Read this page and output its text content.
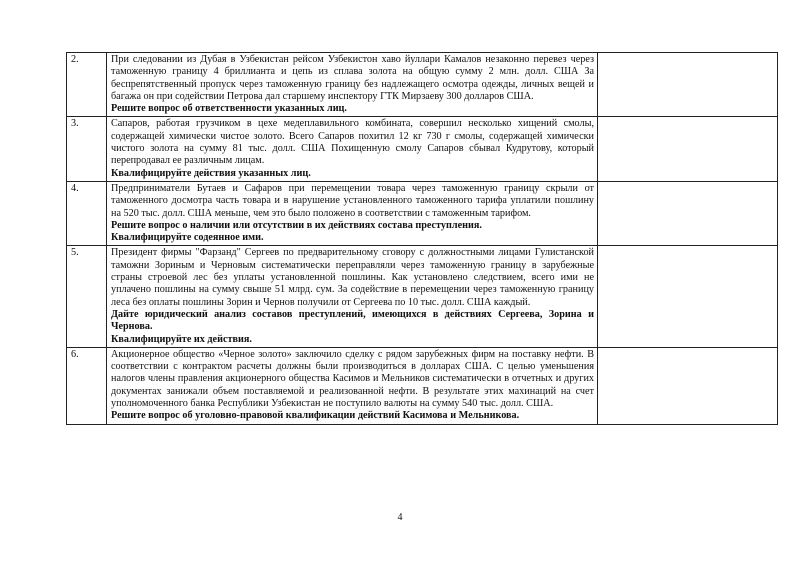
2.	При следовании из Дубая в Узбекистан рейсом Узбекистон хаво йуллари Камалов незаконно перевез через таможенную границу 4 бриллианта и цепь из сплава золота на общую сумму 2 млн. долл. США За беспрепятственный пропуск через таможенную границу без надлежащего осмотра одежды, личных вещей и багажа он при содействии Петрова дал старшему инспектору ГТК Мирзаеву 300 долларов США.
Решите вопрос об ответственности указанных лиц.	

3.	Сапаров, работая грузчиком в цехе медеплавильного комбината, совершил несколько хищений смолы, содержащей химически чистое золото. Всего Сапаров похитил 12 кг 730 г смолы, содержащей химически чистого золота на сумму 81 тыс. долл. США Похищенную смолу Сапаров сбывал Кудрутову, который перепродавал ее различным лицам.
Квалифицируйте действия указанных лиц.	

4.	Предприниматели Бутаев и Сафаров при перемещении товара через таможенную границу скрыли от таможенного досмотра часть товара и в нарушение установленного таможенного тарифа уплатили пошлину на 520 тыс. долл. США меньше, чем это было положено в соответствии с таможенным тарифом.
Решите вопрос о наличии или отсутствии в их действиях состава преступления.
Квалифицируйте содеянное ими.	

5.	Президент фирмы "Фарзанд" Сергеев по предварительному сговору с должностными лицами Гулистанской таможни Зориным и Черновым систематически переправляли через таможенную границу в зарубежные страны строевой лес без уплаты установленной пошлины. Как установлено следствием, всего ими не уплачено пошлины на сумму свыше 51 млрд. сум. За содействие в перемещении через таможенную границу леса без оплаты пошлины Зорин и Чернов получили от Сергеева по 10 тыс. долл. США каждый.
Дайте юридический анализ составов преступлений, имеющихся в действиях Сергеева, Зорина и Чернова.
Квалифицируйте их действия.	

6.	Акционерное общество «Черное золото» заключило сделку с рядом зарубежных фирм на поставку нефти. В соответствии с контрактом расчеты должны были производиться в долларах США. С целью уменьшения налогов члены правления акционерного общества Касимов и Мельников систематически в отчетных и других документах занижали объем поставляемой и реализованной нефти. В результате этих махинаций на счет уполномоченного банка Республики Узбекистан не поступило валюты на сумму 540 тыс. долл. США.
Решите вопрос об уголовно-правовой квалификации действий Касимова и Мельникова.	

4
